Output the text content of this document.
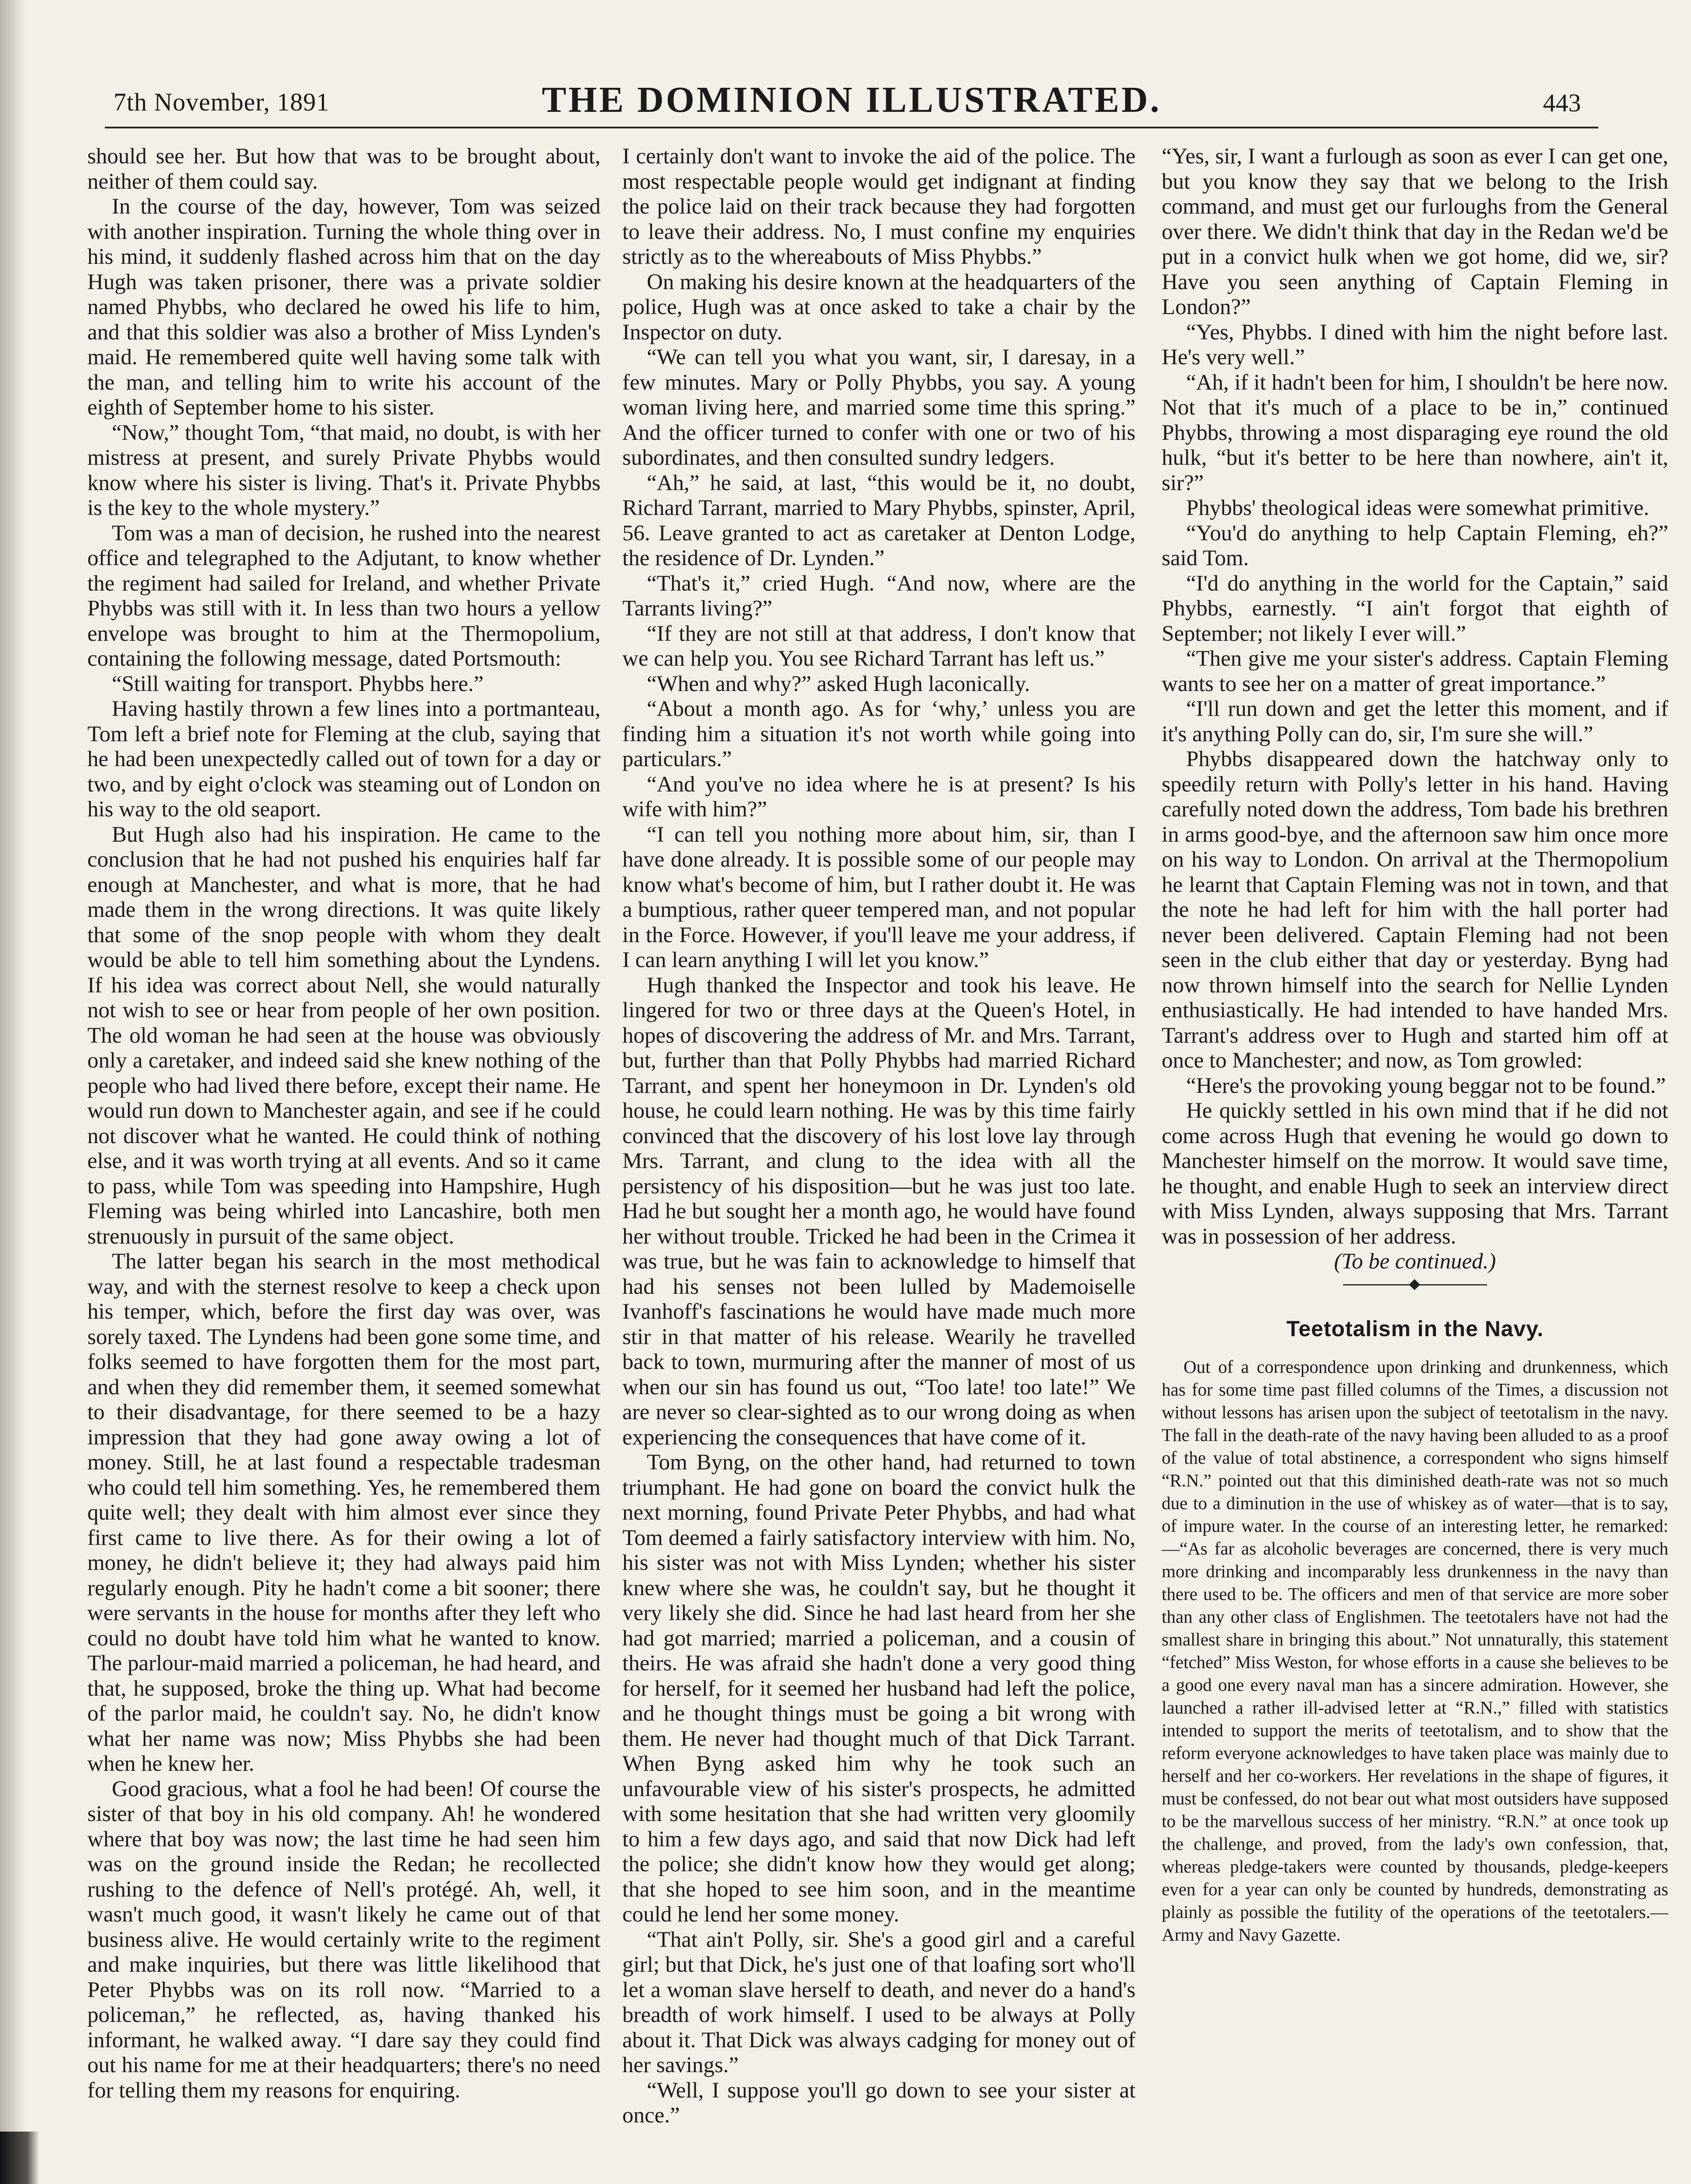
7th November, 1891	THE DOMINION ILLUSTRATED.	443

should see her. But how that was to be brought about, neither of them could say.

In the course of the day, however, Tom was seized with another inspiration. Turning the whole thing over in his mind, it suddenly flashed across him that on the day Hugh was taken prisoner, there was a private soldier named Phybbs, who declared he owed his life to him, and that this soldier was also a brother of Miss Lynden's maid. He remembered quite well having some talk with the man, and telling him to write his account of the eighth of September home to his sister.

“Now,” thought Tom, “that maid, no doubt, is with her mistress at present, and surely Private Phybbs would know where his sister is living. That's it. Private Phybbs is the key to the whole mystery.”

Tom was a man of decision, he rushed into the nearest office and telegraphed to the Adjutant, to know whether the regiment had sailed for Ireland, and whether Private Phybbs was still with it. In less than two hours a yellow envelope was brought to him at the Thermopolium, containing the following message, dated Portsmouth:

“Still waiting for transport. Phybbs here.”

Having hastily thrown a few lines into a portmanteau, Tom left a brief note for Fleming at the club, saying that he had been unexpectedly called out of town for a day or two, and by eight o'clock was steaming out of London on his way to the old seaport.

But Hugh also had his inspiration. He came to the conclusion that he had not pushed his enquiries half far enough at Manchester, and what is more, that he had made them in the wrong directions. It was quite likely that some of the snop people with whom they dealt would be able to tell him something about the Lyndens. If his idea was correct about Nell, she would naturally not wish to see or hear from people of her own position. The old woman he had seen at the house was obviously only a caretaker, and indeed said she knew nothing of the people who had lived there before, except their name. He would run down to Manchester again, and see if he could not discover what he wanted. He could think of nothing else, and it was worth trying at all events. And so it came to pass, while Tom was speeding into Hampshire, Hugh Fleming was being whirled into Lancashire, both men strenuously in pursuit of the same object.

The latter began his search in the most methodical way, and with the sternest resolve to keep a check upon his temper, which, before the first day was over, was sorely taxed. The Lyndens had been gone some time, and folks seemed to have forgotten them for the most part, and when they did remember them, it seemed somewhat to their disadvantage, for there seemed to be a hazy impression that they had gone away owing a lot of money. Still, he at last found a respectable tradesman who could tell him something. Yes, he remembered them quite well; they dealt with him almost ever since they first came to live there. As for their owing a lot of money, he didn't believe it; they had always paid him regularly enough. Pity he hadn't come a bit sooner; there were servants in the house for months after they left who could no doubt have told him what he wanted to know. The parlour-maid married a policeman, he had heard, and that, he supposed, broke the thing up. What had become of the parlor maid, he couldn't say. No, he didn't know what her name was now; Miss Phybbs she had been when he knew her.

Good gracious, what a fool he had been! Of course the sister of that boy in his old company. Ah! he wondered where that boy was now; the last time he had seen him was on the ground inside the Redan; he recollected rushing to the defence of Nell's protégé. Ah, well, it wasn't much good, it wasn't likely he came out of that business alive. He would certainly write to the regiment and make inquiries, but there was little likelihood that Peter Phybbs was on its roll now. “Married to a policeman,” he reflected, as, having thanked his informant, he walked away. “I dare say they could find out his name for me at their headquarters; there's no need for telling them my reasons for enquiring.

I certainly don't want to invoke the aid of the police. The most respectable people would get indignant at finding the police laid on their track because they had forgotten to leave their address. No, I must confine my enquiries strictly as to the whereabouts of Miss Phybbs.”

On making his desire known at the headquarters of the police, Hugh was at once asked to take a chair by the Inspector on duty.

“We can tell you what you want, sir, I daresay, in a few minutes. Mary or Polly Phybbs, you say. A young woman living here, and married some time this spring.” And the officer turned to confer with one or two of his subordinates, and then consulted sundry ledgers.

“Ah,” he said, at last, “this would be it, no doubt, Richard Tarrant, married to Mary Phybbs, spinster, April, 56. Leave granted to act as caretaker at Denton Lodge, the residence of Dr. Lynden.”

“That's it,” cried Hugh. “And now, where are the Tarrants living?”

“If they are not still at that address, I don't know that we can help you. You see Richard Tarrant has left us.”

“When and why?” asked Hugh laconically.

“About a month ago. As for ‘why,’ unless you are finding him a situation it's not worth while going into particulars.”

“And you've no idea where he is at present? Is his wife with him?”

“I can tell you nothing more about him, sir, than I have done already. It is possible some of our people may know what's become of him, but I rather doubt it. He was a bumptious, rather queer tempered man, and not popular in the Force. However, if you'll leave me your address, if I can learn anything I will let you know.”

Hugh thanked the Inspector and took his leave. He lingered for two or three days at the Queen's Hotel, in hopes of discovering the address of Mr. and Mrs. Tarrant, but, further than that Polly Phybbs had married Richard Tarrant, and spent her honeymoon in Dr. Lynden's old house, he could learn nothing. He was by this time fairly convinced that the discovery of his lost love lay through Mrs. Tarrant, and clung to the idea with all the persistency of his disposition—but he was just too late. Had he but sought her a month ago, he would have found her without trouble. Tricked he had been in the Crimea it was true, but he was fain to acknowledge to himself that had his senses not been lulled by Mademoiselle Ivanhoff's fascinations he would have made much more stir in that matter of his release. Wearily he travelled back to town, murmuring after the manner of most of us when our sin has found us out, “Too late! too late!” We are never so clear-sighted as to our wrong doing as when experiencing the consequences that have come of it.

Tom Byng, on the other hand, had returned to town triumphant. He had gone on board the convict hulk the next morning, found Private Peter Phybbs, and had what Tom deemed a fairly satisfactory interview with him. No, his sister was not with Miss Lynden; whether his sister knew where she was, he couldn't say, but he thought it very likely she did. Since he had last heard from her she had got married; married a policeman, and a cousin of theirs. He was afraid she hadn't done a very good thing for herself, for it seemed her husband had left the police, and he thought things must be going a bit wrong with them. He never had thought much of that Dick Tarrant. When Byng asked him why he took such an unfavourable view of his sister's prospects, he admitted with some hesitation that she had written very gloomily to him a few days ago, and said that now Dick had left the police; she didn't know how they would get along; that she hoped to see him soon, and in the meantime could he lend her some money.

“That ain't Polly, sir. She's a good girl and a careful girl; but that Dick, he's just one of that loafing sort who'll let a woman slave herself to death, and never do a hand's breadth of work himself. I used to be always at Polly about it. That Dick was always cadging for money out of her savings.”

“Well, I suppose you'll go down to see your sister at once.”

“Yes, sir, I want a furlough as soon as ever I can get one, but you know they say that we belong to the Irish command, and must get our furloughs from the General over there. We didn't think that day in the Redan we'd be put in a convict hulk when we got home, did we, sir? Have you seen anything of Captain Fleming in London?”

“Yes, Phybbs. I dined with him the night before last. He's very well.”

“Ah, if it hadn't been for him, I shouldn't be here now. Not that it's much of a place to be in,” continued Phybbs, throwing a most disparaging eye round the old hulk, “but it's better to be here than nowhere, ain't it, sir?”

Phybbs' theological ideas were somewhat primitive.

“You'd do anything to help Captain Fleming, eh?” said Tom.

“I'd do anything in the world for the Captain,” said Phybbs, earnestly. “I ain't forgot that eighth of September; not likely I ever will.”

“Then give me your sister's address. Captain Fleming wants to see her on a matter of great importance.”

“I'll run down and get the letter this moment, and if it's anything Polly can do, sir, I'm sure she will.”

Phybbs disappeared down the hatchway only to speedily return with Polly's letter in his hand. Having carefully noted down the address, Tom bade his brethren in arms good-bye, and the afternoon saw him once more on his way to London. On arrival at the Thermopolium he learnt that Captain Fleming was not in town, and that the note he had left for him with the hall porter had never been delivered. Captain Fleming had not been seen in the club either that day or yesterday. Byng had now thrown himself into the search for Nellie Lynden enthusiastically. He had intended to have handed Mrs. Tarrant's address over to Hugh and started him off at once to Manchester; and now, as Tom growled:

“Here's the provoking young beggar not to be found.”

He quickly settled in his own mind that if he did not come across Hugh that evening he would go down to Manchester himself on the morrow. It would save time, he thought, and enable Hugh to seek an interview direct with Miss Lynden, always supposing that Mrs. Tarrant was in possession of her address.

(To be continued.)

Teetotalism in the Navy.

Out of a correspondence upon drinking and drunkenness, which has for some time past filled columns of the Times, a discussion not without lessons has arisen upon the subject of teetotalism in the navy. The fall in the death-rate of the navy having been alluded to as a proof of the value of total abstinence, a correspondent who signs himself “R.N.” pointed out that this diminished death-rate was not so much due to a diminution in the use of whiskey as of water—that is to say, of impure water. In the course of an interesting letter, he remarked:—“As far as alcoholic beverages are concerned, there is very much more drinking and incomparably less drunkenness in the navy than there used to be. The officers and men of that service are more sober than any other class of Englishmen. The teetotalers have not had the smallest share in bringing this about.” Not unnaturally, this statement “fetched” Miss Weston, for whose efforts in a cause she believes to be a good one every naval man has a sincere admiration. However, she launched a rather ill-advised letter at “R.N.,” filled with statistics intended to support the merits of teetotalism, and to show that the reform everyone acknowledges to have taken place was mainly due to herself and her co-workers. Her revelations in the shape of figures, it must be confessed, do not bear out what most outsiders have supposed to be the marvellous success of her ministry. “R.N.” at once took up the challenge, and proved, from the lady's own confession, that, whereas pledge-takers were counted by thousands, pledge-keepers even for a year can only be counted by hundreds, demonstrating as plainly as possible the futility of the operations of the teetotalers.—Army and Navy Gazette.
